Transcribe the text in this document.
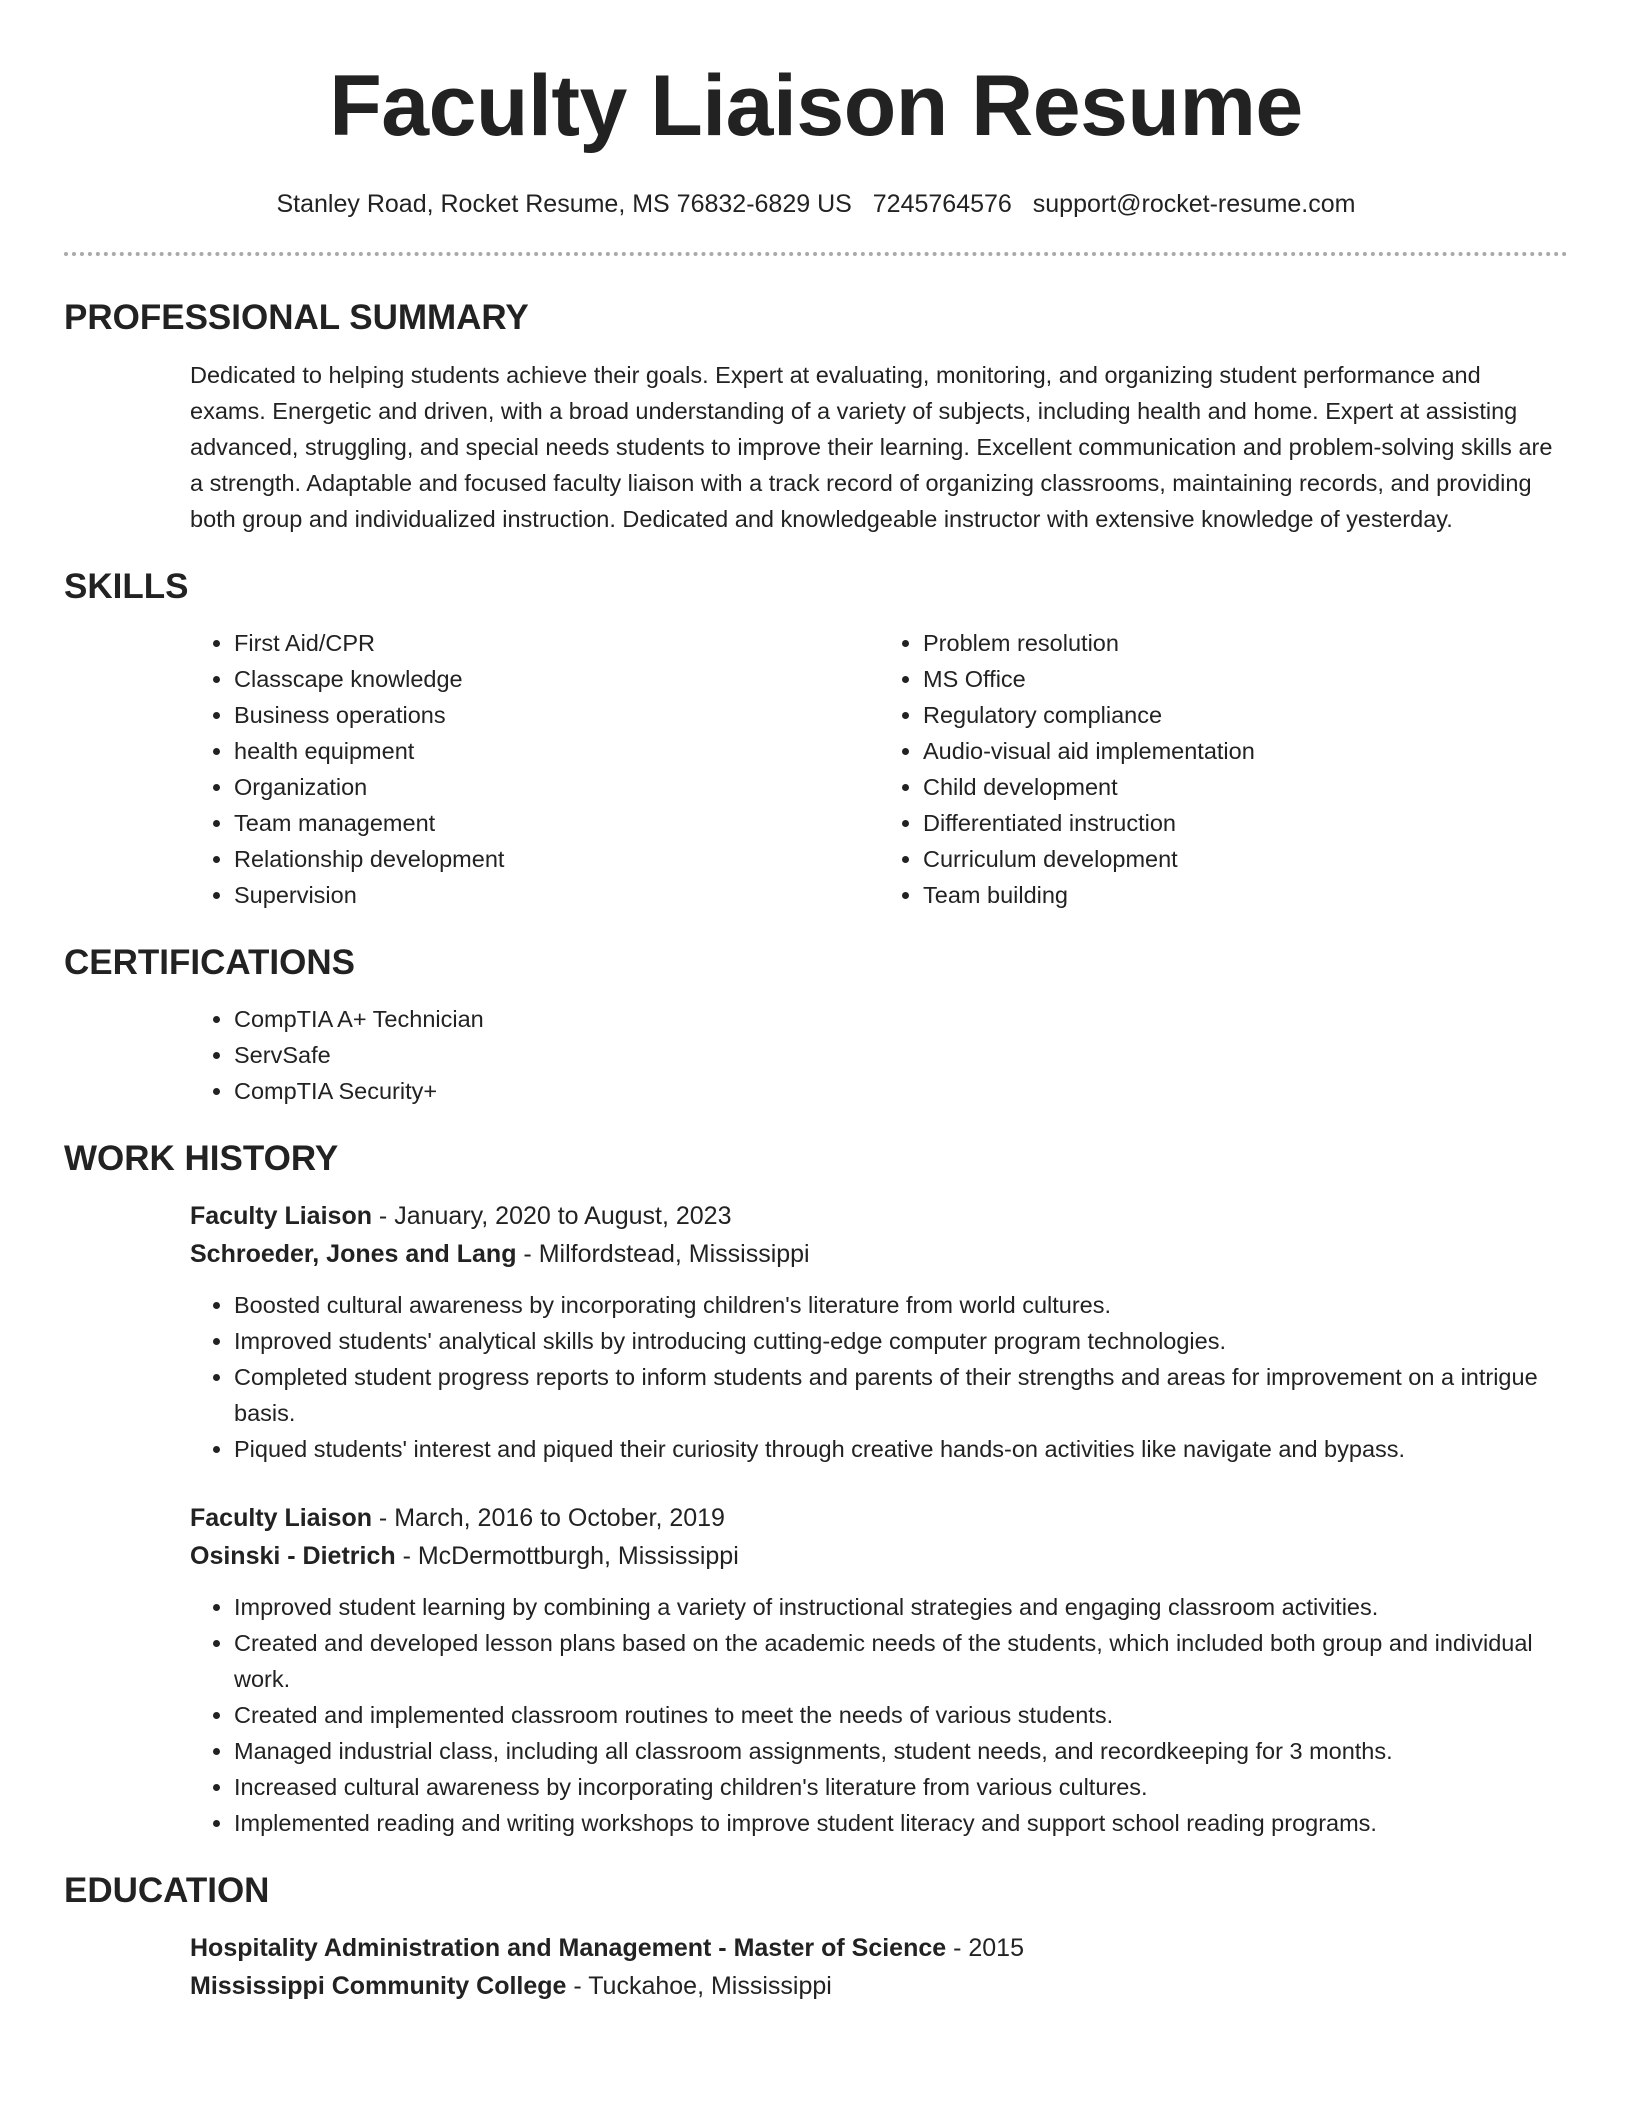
Faculty Liaison Resume
Stanley Road, Rocket Resume, MS 76832-6829 US 7245764576 support@rocket-resume.com
PROFESSIONAL SUMMARY

Dedicated to helping students achieve their goals. Expert at evaluating, monitoring, and organizing student performance and exams. Energetic and driven, with a broad understanding of a variety of subjects, including health and home. Expert at assisting advanced, struggling, and special needs students to improve their learning. Excellent communication and problem-solving skills are a strength. Adaptable and focused faculty liaison with a track record of organizing classrooms, maintaining records, and providing both group and individualized instruction. Dedicated and knowledgeable instructor with extensive knowledge of yesterday.

SKILLS
• First Aid/CPR
• Classcape knowledge
• Business operations
• health equipment
• Organization
• Team management
• Relationship development
• Supervision
• Problem resolution
• MS Office
• Regulatory compliance
• Audio-visual aid implementation
• Child development
• Differentiated instruction
• Curriculum development
• Team building
CERTIFICATIONS
• CompTIA A+ Technician
• ServSafe
• CompTIA Security+
WORK HISTORY
Faculty Liaison - January, 2020 to August, 2023
Schroeder, Jones and Lang - Milfordstead, Mississippi
• Boosted cultural awareness by incorporating children's literature from world cultures.
• Improved students' analytical skills by introducing cutting-edge computer program technologies.
• Completed student progress reports to inform students and parents of their strengths and areas for improvement on a intrigue basis.
• Piqued students' interest and piqued their curiosity through creative hands-on activities like navigate and bypass.
Faculty Liaison - March, 2016 to October, 2019
Osinski - Dietrich - McDermottburgh, Mississippi
• Improved student learning by combining a variety of instructional strategies and engaging classroom activities.
• Created and developed lesson plans based on the academic needs of the students, which included both group and individual work.
• Created and implemented classroom routines to meet the needs of various students.
• Managed industrial class, including all classroom assignments, student needs, and recordkeeping for 3 months.
• Increased cultural awareness by incorporating children's literature from various cultures.
• Implemented reading and writing workshops to improve student literacy and support school reading programs.
EDUCATION
Hospitality Administration and Management - Master of Science - 2015
Mississippi Community College - Tuckahoe, Mississippi
